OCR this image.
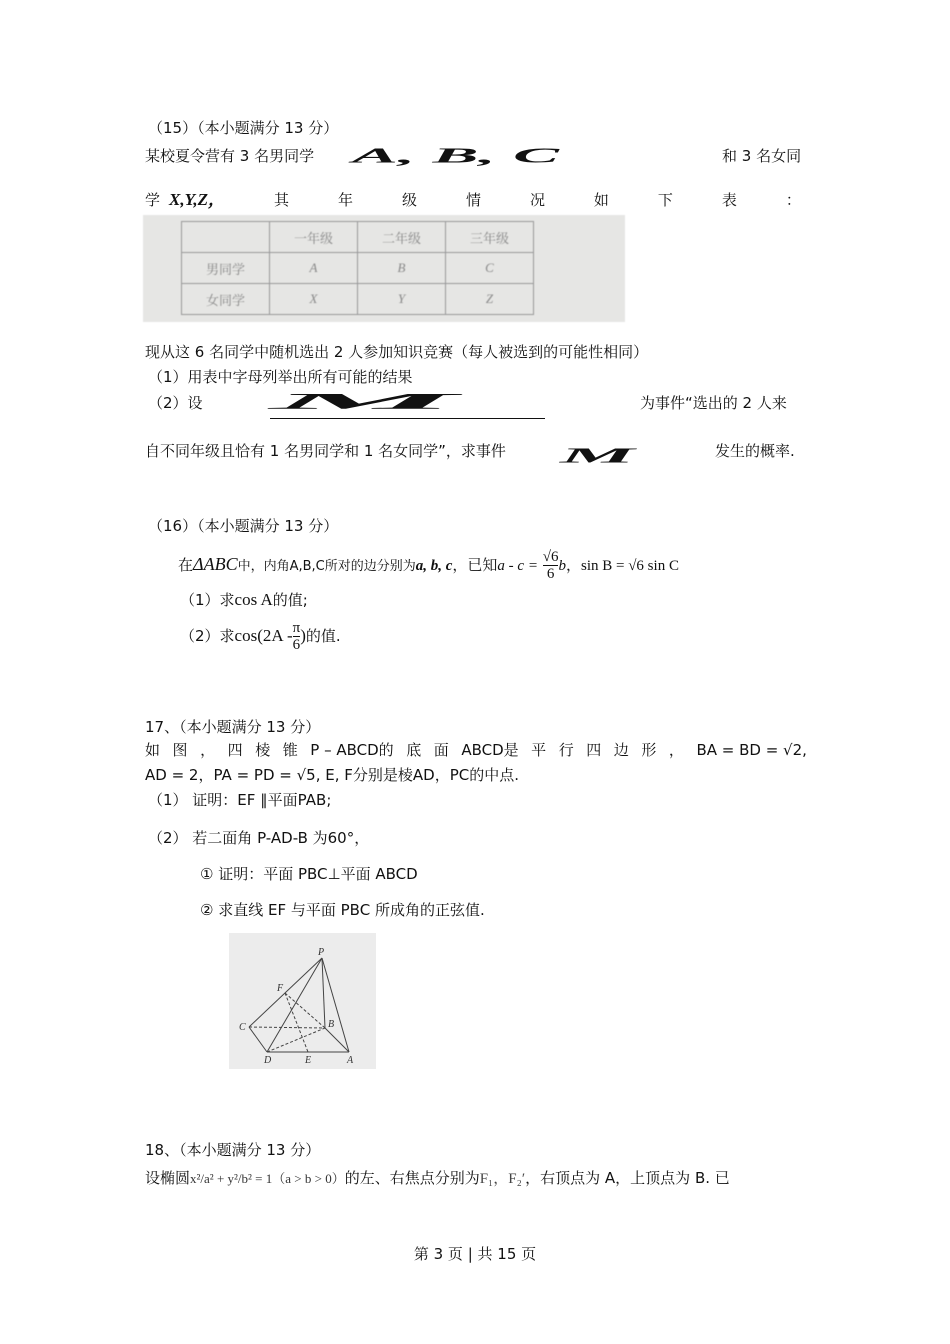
（15）（本小题满分 13 分）
某校夏令营有 3 名男同学 A, B, C	和 3 名女同
学 X,Y,Z，	其	年	级	情	况	如	下	表	：
	一年级	二年级	三年级
男同学	A	B	C
女同学	X	Y	Z
现从这 6 名同学中随机选出 2 人参加知识竞赛（每人被选到的可能性相同）
（1）用表中字母列举出所有可能的结果
（2）设 M	为事件“选出的 2 人来
自不同年级且恰有 1 名男同学和 1 名女同学”，求事件 M	发生的概率.
（16）（本小题满分 13 分）
在ΔABC中，内角A,B,C所对的边分别为a, b, c，已知$a - c = \frac{√6}{6}$ b，sin B = √6 sin C
（1）求cos A的值;
（2）求$\cos(2A - \frac{\pi}{6}$ )的值.
17、（本小题满分 13 分）
如 图 ， 四 棱 锥 P – ABCD的 底 面 ABCD是 平 行 四 边 形 ， BA = BD = √2,
AD = 2，PA = PD = √5, E, F分别是棱AD，PC的中点.
（1） 证明：EF ∥平面PAB;
（2） 若二面角 P-AD-B 为60°，
① 证明：平面 PBC⊥平面 ABCD
② 求直线 EF 与平面 PBC 所成角的正弦值.
P
F
B
C
D	E	A
18、（本小题满分 13 分）
设椭圆x²/a² + y²/b² = 1（a > b > 0）的左、右焦点分别为F₁，F₂′，右顶点为 A，上顶点为 B. 已
第 3 页 | 共 15 页
